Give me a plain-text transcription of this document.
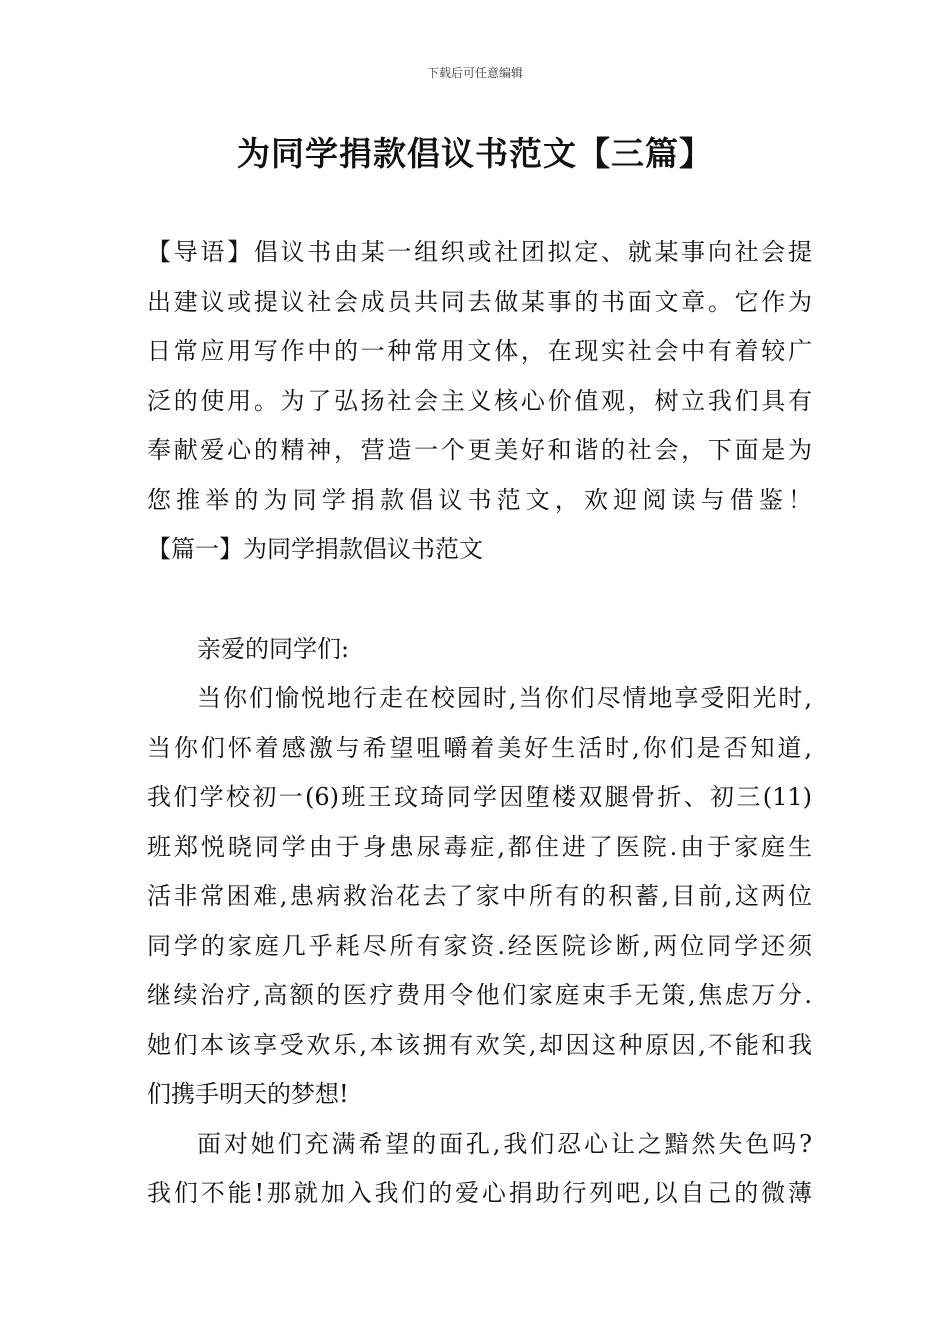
下载后可任意编辑
为同学捐款倡议书范文【三篇】
【导语】倡议书由某一组织或社团拟定、就某事向社会提
出建议或提议社会成员共同去做某事的书面文章。它作为
日常应用写作中的一种常用文体，在现实社会中有着较广
泛的使用。为了弘扬社会主义核心价值观，树立我们具有
奉献爱心的精神，营造一个更美好和谐的社会，下面是为
您推举的为同学捐款倡议书范文，欢迎阅读与借鉴！
【篇一】为同学捐款倡议书范文
亲爱的同学们:
当你们愉悦地行走在校园时,当你们尽情地享受阳光时,
当你们怀着感激与希望咀嚼着美好生活时,你们是否知道,
我们学校初一(6)班王玟琦同学因堕楼双腿骨折、初三(11)
班郑悦晓同学由于身患尿毒症,都住进了医院.由于家庭生
活非常困难,患病救治花去了家中所有的积蓄,目前,这两位
同学的家庭几乎耗尽所有家资.经医院诊断,两位同学还须
继续治疗,高额的医疗费用令他们家庭束手无策,焦虑万分.
她们本该享受欢乐,本该拥有欢笑,却因这种原因,不能和我
们携手明天的梦想!
面对她们充满希望的面孔,我们忍心让之黯然失色吗?
我们不能!那就加入我们的爱心捐助行列吧,以自己的微薄
